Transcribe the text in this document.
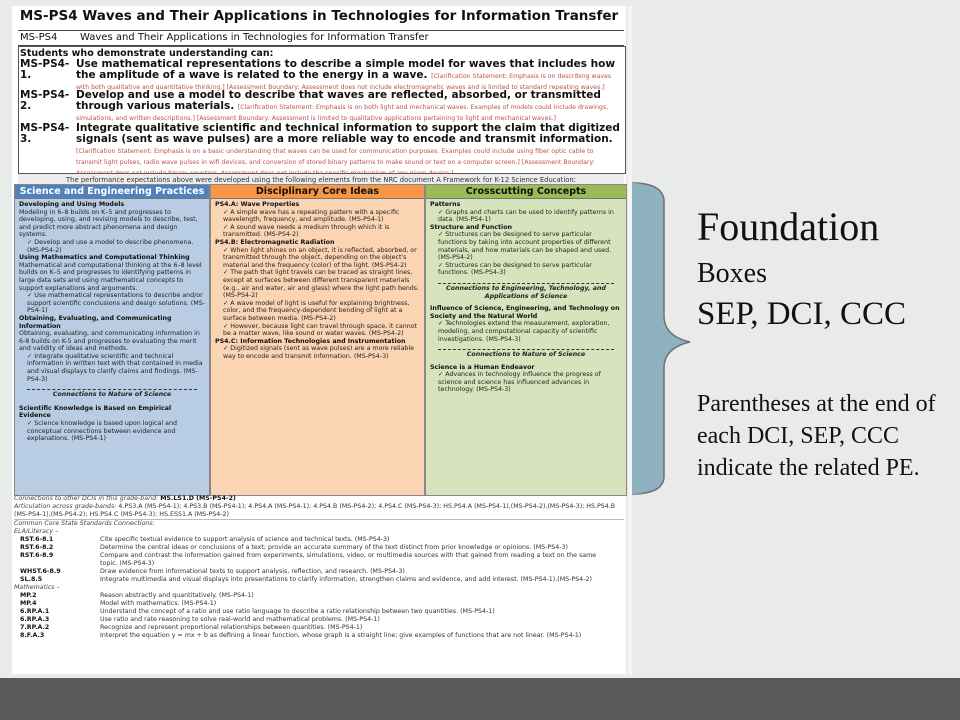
MS-PS4 Waves and Their Applications in Technologies for Information Transfer
MS-PS4 Waves and Their Applications in Technologies for Information Transfer
Students who demonstrate understanding can:
MS-PS4-1.
Use mathematical representations to describe a simple model for waves that includes how the amplitude of a wave is related to the energy in a wave. [Clarification Statement: Emphasis is on describing waves with both qualitative and quantitative thinking.] [Assessment Boundary: Assessment does not include electromagnetic waves and is limited to standard repeating waves.]
MS-PS4-2.
Develop and use a model to describe that waves are reflected, absorbed, or transmitted through various materials. [Clarification Statement: Emphasis is on both light and mechanical waves. Examples of models could include drawings, simulations, and written descriptions.] [Assessment Boundary: Assessment is limited to qualitative applications pertaining to light and mechanical waves.]
MS-PS4-3.
Integrate qualitative scientific and technical information to support the claim that digitized signals (sent as wave pulses) are a more reliable way to encode and transmit information. [Clarification Statement: Emphasis is on a basic understanding that waves can be used for communication purposes. Examples could include using fiber optic cable to transmit light pulses, radio wave pulses in wifi devices, and conversion of stored binary patterns to make sound or text on a computer screen.] [Assessment Boundary:
The performance expectations above were developed using the following elements from the NRC document A Framework for K-12 Science Education:
Science and Engineering Practices
Developing and Using Models
Modeling in 6–8 builds on K–5 and progresses to developing, using, and revising models to describe, test, and predict more abstract phenomena and design systems.
✓ Develop and use a model to describe phenomena. (MS-PS4-2)
Using Mathematics and Computational Thinking
Mathematical and computational thinking at the 6–8 level builds on K–5 and progresses to identifying patterns in large data sets and using mathematical concepts to support explanations and arguments.
✓ Use mathematical representations to describe and/or support scientific conclusions and design solutions. (MS-PS4-1)
Obtaining, Evaluating, and Communicating Information
Obtaining, evaluating, and communicating information in 6-8 builds on K-5 and progresses to evaluating the merit and validity of ideas and methods.
✓ Integrate qualitative scientific and technical information in written text with that contained in media and visual displays to clarify claims and findings. (MS-PS4-3)
Connections to Nature of Science
Scientific Knowledge is Based on Empirical Evidence
✓ Science knowledge is based upon logical and conceptual connections between evidence and explanations. (MS-PS4-1)
Disciplinary Core Ideas
PS4.A: Wave Properties
✓ A simple wave has a repeating pattern with a specific wavelength, frequency, and amplitude. (MS-PS4-1)
✓ A sound wave needs a medium through which it is transmitted. (MS-PS4-2)
PS4.B: Electromagnetic Radiation
✓ When light shines on an object, it is reflected, absorbed, or transmitted through the object, depending on the object's material and the frequency (color) of the light. (MS-PS4-2)
✓ The path that light travels can be traced as straight lines, except at surfaces between different transparent materials (e.g., air and water, air and glass) where the light path bends. (MS-PS4-2)
✓ A wave model of light is useful for explaining brightness, color, and the frequency-dependent bending of light at a surface between media. (MS-PS4-2)
✓ However, because light can travel through space, it cannot be a matter wave, like sound or water waves. (MS-PS4-2)
PS4.C: Information Technologies and Instrumentation
✓ Digitized signals (sent as wave pulses) are a more reliable way to encode and transmit information. (MS-PS4-3)
Crosscutting Concepts
Patterns
✓ Graphs and charts can be used to identify patterns in data. (MS-PS4-1)
Structure and Function
✓ Structures can be designed to serve particular functions by taking into account properties of different materials, and how materials can be shaped and used. (MS-PS4-2)
✓ Structures can be designed to serve particular functions. (MS-PS4-3)
Connections to Engineering, Technology, and Applications of Science
Influence of Science, Engineering, and Technology on Society and the Natural World
✓ Technologies extend the measurement, exploration, modeling, and computational capacity of scientific investigations. (MS-PS4-3)
Connections to Nature of Science
Science is a Human Endeavor
✓ Advances in technology influence the progress of science and science has influenced advances in technology. (MS-PS4-3)
Connections to other DCIs in this grade-band: MS.LS1.D (MS-PS4-2)
Articulation across grade-bands: 4.PS3.A (MS-PS4-1); 4.PS3.B (MS-PS4-1); 4.PS4.A (MS-PS4-1); 4.PS4.B (MS-PS4-2); 4.PS4.C (MS-PS4-3); HS.PS4.A (MS-PS4-1),(MS-PS4-2),(MS-PS4-3); HS.PS4.B (MS-PS4-1),(MS-PS4-2); HS.PS4.C (MS-PS4-3); HS.ESS1.A (MS-PS4-2)
Common Core State Standards Connections:
ELA/Literacy –
RST.6-8.1	Cite specific textual evidence to support analysis of science and technical texts. (MS-PS4-3)
RST.6-8.2	Determine the central ideas or conclusions of a text; provide an accurate summary of the text distinct from prior knowledge or opinions. (MS-PS4-3)
RST.6-8.9	Compare and contrast the information gained from experiments, simulations, video, or multimedia sources with that gained from reading a text on the same
topic. (MS-PS4-3)
WHST.6-8.9	Draw evidence from informational texts to support analysis, reflection, and research. (MS-PS4-3)
SL.8.5	Integrate multimedia and visual displays into presentations to clarify information, strengthen claims and evidence, and add interest. (MS-PS4-1),(MS-PS4-2)
Mathematics –
MP.2	Reason abstractly and quantitatively. (MS-PS4-1)
MP.4	Model with mathematics. (MS-PS4-1)
6.RP.A.1	Understand the concept of a ratio and use ratio language to describe a ratio relationship between two quantities. (MS-PS4-1)
6.RP.A.3	Use ratio and rate reasoning to solve real-world and mathematical problems. (MS-PS4-1)
7.RP.A.2	Recognize and represent proportional relationships between quantities. (MS-PS4-1)
8.F.A.3	Interpret the equation y = mx + b as defining a linear function, whose graph is a straight line; give examples of functions that are not linear. (MS-PS4-1)
Foundation
Boxes
SEP, DCI, CCC
Parentheses at the end of each DCI, SEP, CCC indicate the related PE.
